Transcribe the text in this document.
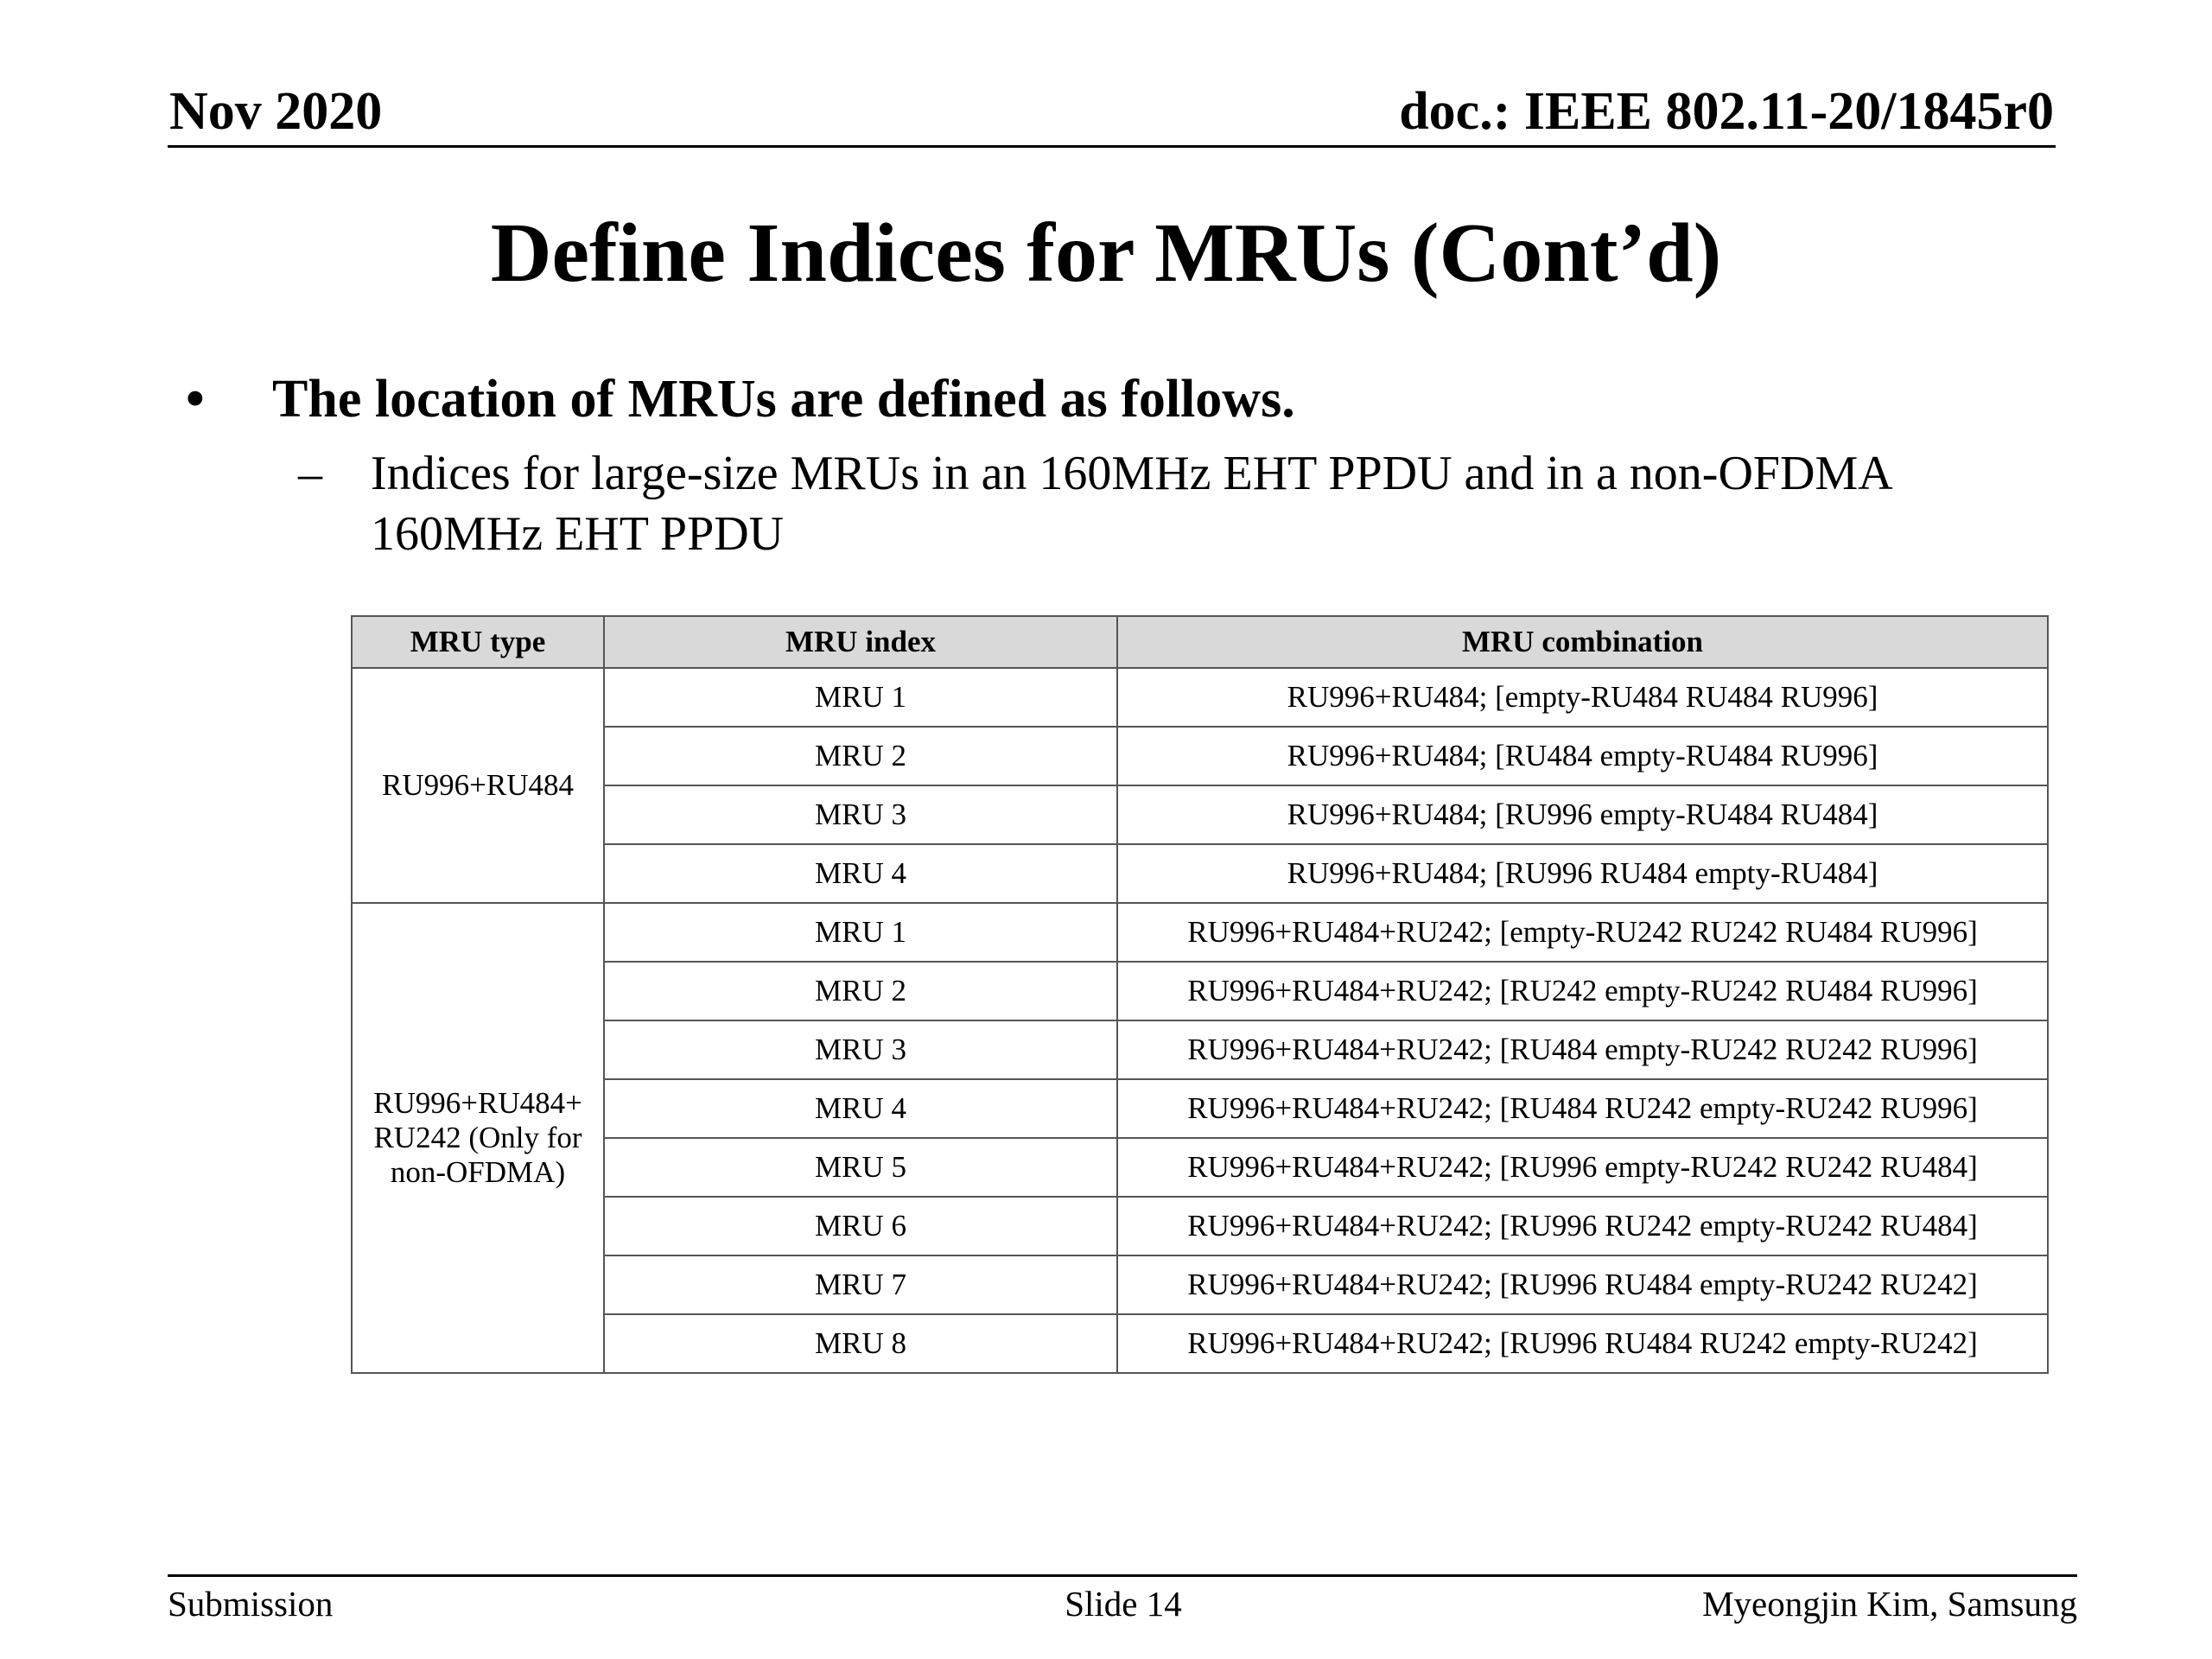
Nov 2020	doc.: IEEE 802.11-20/1845r0
Define Indices for MRUs (Cont’d)
•	The location of MRUs are defined as follows.
–	Indices for large-size MRUs in an 160MHz EHT PPDU and in a non-OFDMA 160MHz EHT PPDU
MRU type	MRU index	MRU combination
RU996+RU484	MRU 1	RU996+RU484; [empty-RU484 RU484 RU996]
	MRU 2	RU996+RU484; [RU484 empty-RU484 RU996]
	MRU 3	RU996+RU484; [RU996 empty-RU484 RU484]
	MRU 4	RU996+RU484; [RU996 RU484 empty-RU484]
RU996+RU484+ RU242 (Only for non-OFDMA)	MRU 1	RU996+RU484+RU242; [empty-RU242 RU242 RU484 RU996]
	MRU 2	RU996+RU484+RU242; [RU242 empty-RU242 RU484 RU996]
	MRU 3	RU996+RU484+RU242; [RU484 empty-RU242 RU242 RU996]
	MRU 4	RU996+RU484+RU242; [RU484 RU242 empty-RU242 RU996]
	MRU 5	RU996+RU484+RU242; [RU996 empty-RU242 RU242 RU484]
	MRU 6	RU996+RU484+RU242; [RU996 RU242 empty-RU242 RU484]
	MRU 7	RU996+RU484+RU242; [RU996 RU484 empty-RU242 RU242]
	MRU 8	RU996+RU484+RU242; [RU996 RU484 RU242 empty-RU242]
Submission	Slide 14	Myeongjin Kim, Samsung
